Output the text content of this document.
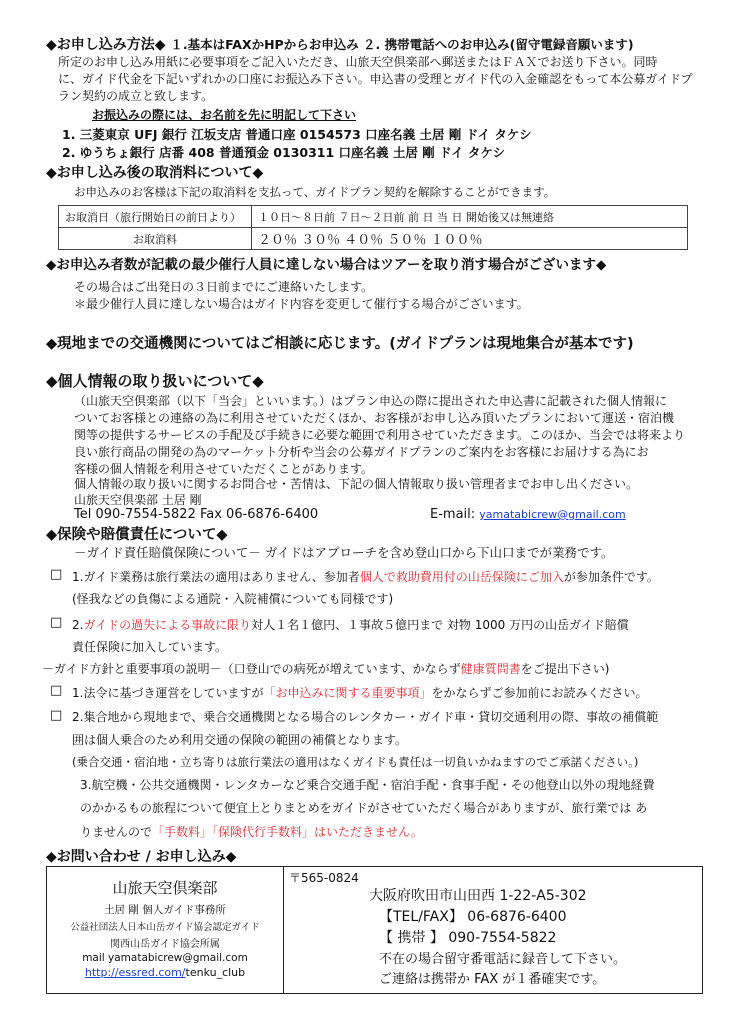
◆お申し込み方法◆ １.基本はFAXかHPからお申込み ２. 携帯電話へのお申込み(留守電録音願います)
所定のお申し込み用紙に必要事項をご記入いただき、山旅天空倶楽部へ郵送またはＦＡＸでお送り下さい。同時
に、ガイド代金を下記いずれかの口座にお振込み下さい。申込書の受理とガイド代の入金確認をもって本公募ガイドプ
ラン契約の成立と致します。
お振込みの際には、お名前を先に明記して下さい
1. 三菱東京 UFJ 銀行 江坂支店 普通口座 0154573 口座名義 土居 剛 ドイ タケシ
2. ゆうちょ銀行 店番 408 普通預金 0130311 口座名義 土居 剛 ドイ タケシ
◆お申し込み後の取消料について◆
お申込みのお客様は下記の取消料を支払って、ガイドプラン契約を解除することができます。
お取消日（旅行開始日の前日より）	１０日～８日前 ７日～２日前 前 日 当 日 開始後又は無連絡
お取消料	２０％ ３０％ ４０％ ５０％ １００％
◆お申込み者数が記載の最少催行人員に達しない場合はツアーを取り消す場合がございます◆
その場合はご出発日の３日前までにご連絡いたします。
＊最少催行人員に達しない場合はガイド内容を変更して催行する場合がございます。
◆現地までの交通機関についてはご相談に応じます。(ガイドプランは現地集合が基本です)
◆個人情報の取り扱いについて◆
（山旅天空倶楽部（以下「当会」といいます。）はプラン申込の際に提出された申込書に記載された個人情報に
ついてお客様との連絡の為に利用させていただくほか、お客様がお申し込み頂いたプランにおいて運送・宿泊機
関等の提供するサービスの手配及び手続きに必要な範囲で利用させていただきます。このほか、当会では将来より
良い旅行商品の開発の為のマーケット分析や当会の公募ガイドプランのご案内をお客様にお届けする為にお
客様の個人情報を利用させていただくことがあります。
個人情報の取り扱いに関するお問合せ・苦情は、下記の個人情報取り扱い管理者までお申し出ください。
山旅天空倶楽部 土居 剛
Tel 090-7554-5822 Fax 06-6876-6400	E-mail: yamatabicrew@gmail.com
◆保険や賠償責任について◆
－ガイド責任賠償保険について－ ガイドはアプローチを含め登山口から下山口までが業務です。
□ 1.ガイド業務は旅行業法の適用はありません、参加者個人で救助費用付の山岳保険にご加入が参加条件です。
(怪我などの負傷による通院・入院補償についても同様です)
□ 2.ガイドの過失による事故に限り対人１名１億円、１事故５億円まで 対物 1000 万円の山岳ガイド賠償
責任保険に加入しています。
－ガイド方針と重要事項の説明－（口登山での病死が増えています、かならず健康質問書をご提出下さい)
□ 1.法令に基づき運営をしていますが「お申込みに関する重要事項」をかならずご参加前にお読みください。
□ 2.集合地から現地まで、乗合交通機関となる場合のレンタカー・ガイド車・貸切交通利用の際、事故の補償範
囲は個人乗合のため利用交通の保険の範囲の補償となります。
(乗合交通・宿泊地・立ち寄りは旅行業法の適用はなくガイドも責任は一切負いかねますのでご承諾ください。)
3.航空機・公共交通機関・レンタカーなど乗合交通手配・宿泊手配・食事手配・その他登山以外の現地経費
のかかるもの旅程について便宜上とりまとめをガイドがさせていただく場合がありますが、旅行業では あ
りませんので「手数料」「保険代行手数料」はいただきません。
◆お問い合わせ / お申し込み◆
山旅天空倶楽部
土居 剛 個人ガイド事務所
公益社団法人日本山岳ガイド協会認定ガイド
関西山岳ガイド協会所属
mail yamatabicrew@gmail.com
http://essred.com/tenku_club
〒565-0824
大阪府吹田市山田西 1-22-A5-302
【TEL/FAX】 06-6876-6400
【 携帯 】 090-7554-5822
不在の場合留守番電話に録音して下さい。
ご連絡は携帯か FAX が１番確実です。
